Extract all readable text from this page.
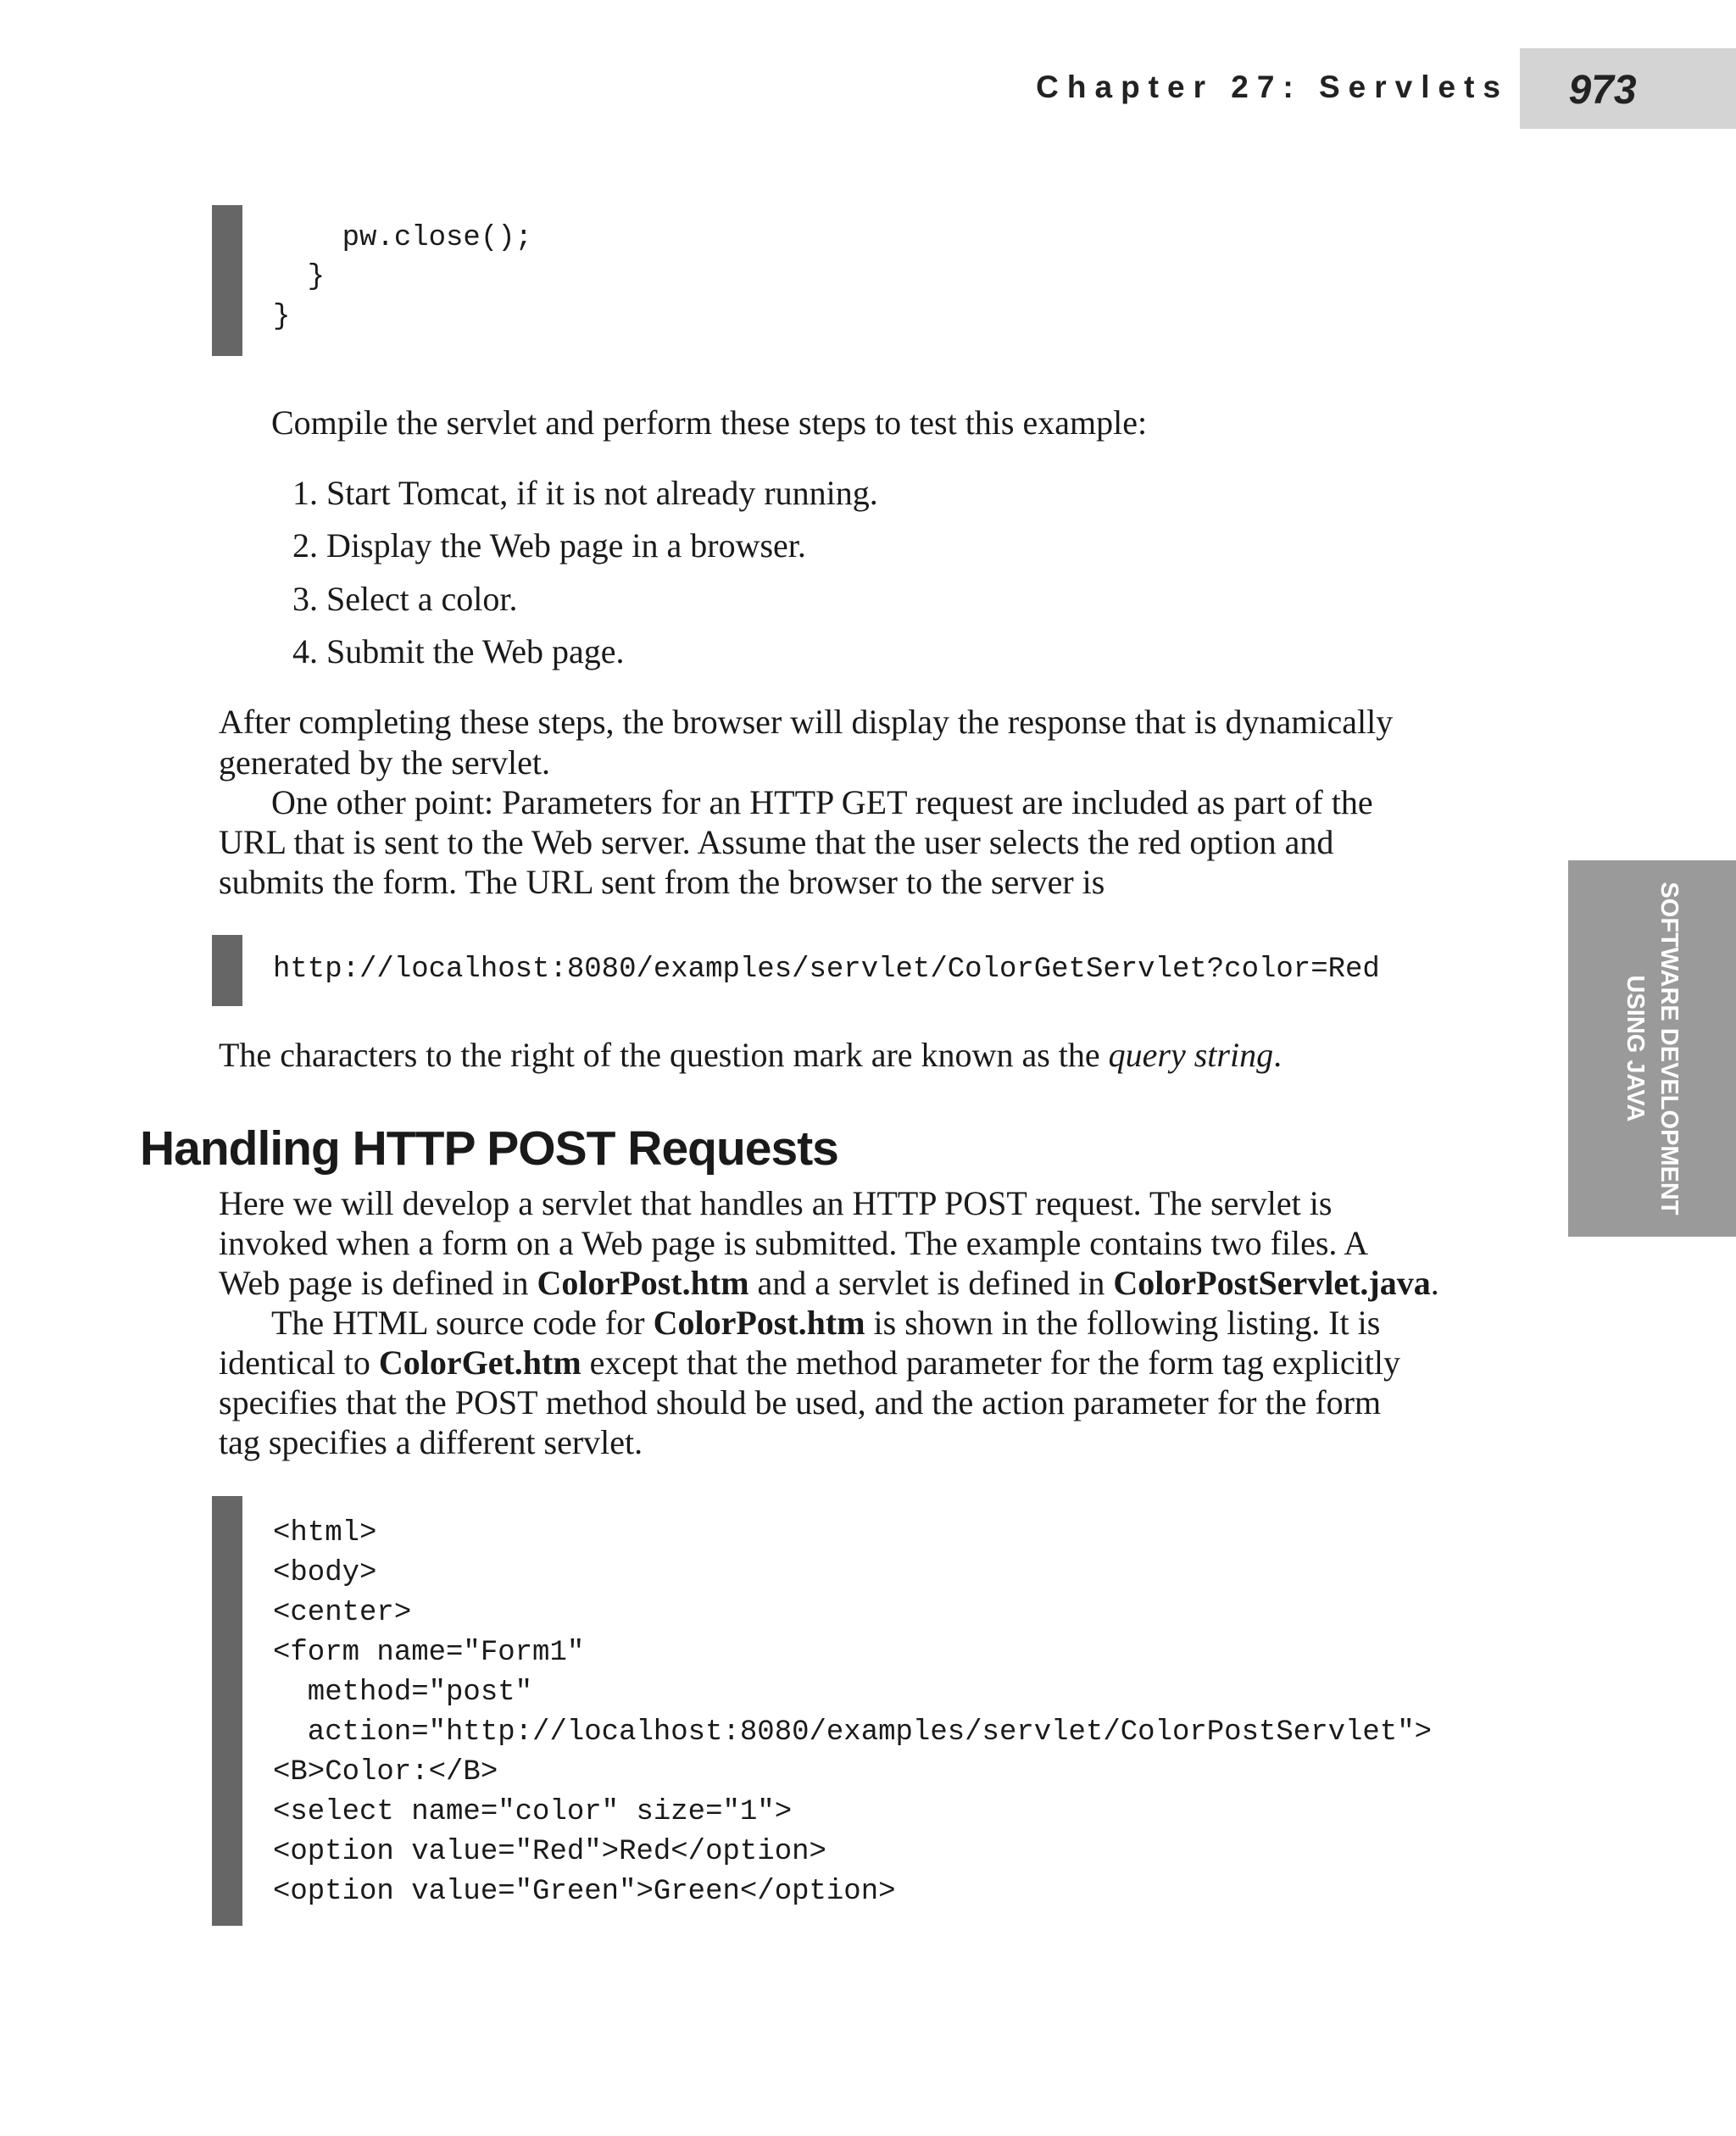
Chapter 27: Servlets	973
pw.close();
}
}
Compile the servlet and perform these steps to test this example:
1. Start Tomcat, if it is not already running.
2. Display the Web page in a browser.
3. Select a color.
4. Submit the Web page.
After completing these steps, the browser will display the response that is dynamically
generated by the servlet.
One other point: Parameters for an HTTP GET request are included as part of the
URL that is sent to the Web server. Assume that the user selects the red option and
submits the form. The URL sent from the browser to the server is
http://localhost:8080/examples/servlet/ColorGetServlet?color=Red
The characters to the right of the question mark are known as the query string.
Handling HTTP POST Requests
Here we will develop a servlet that handles an HTTP POST request. The servlet is
invoked when a form on a Web page is submitted. The example contains two files. A
Web page is defined in ColorPost.htm and a servlet is defined in ColorPostServlet.java.
The HTML source code for ColorPost.htm is shown in the following listing. It is
identical to ColorGet.htm except that the method parameter for the form tag explicitly
specifies that the POST method should be used, and the action parameter for the form
tag specifies a different servlet.
<html>
<body>
<center>
<form name="Form1"
method="post"
action="http://localhost:8080/examples/servlet/ColorPostServlet">
<B>Color:</B>
<select name="color" size="1">
<option value="Red">Red</option>
<option value="Green">Green</option>
SOFTWARE DEVELOPMENT
USING JAVA
